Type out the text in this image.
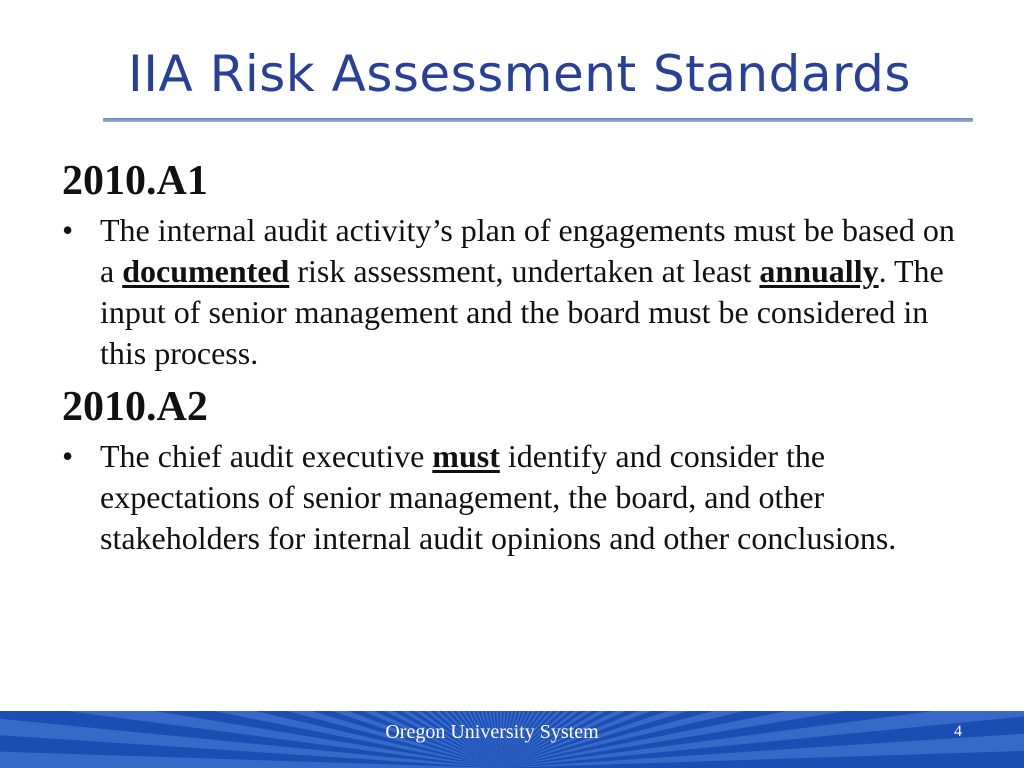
IIA Risk Assessment Standards
2010.A1

• The internal audit activity’s plan of engagements must be based on a documented risk assessment, undertaken at least annually. The input of senior management and the board must be considered in this process.

2010.A2

• The chief audit executive must identify and consider the expectations of senior management, the board, and other stakeholders for internal audit opinions and other conclusions.

Oregon University System	4
